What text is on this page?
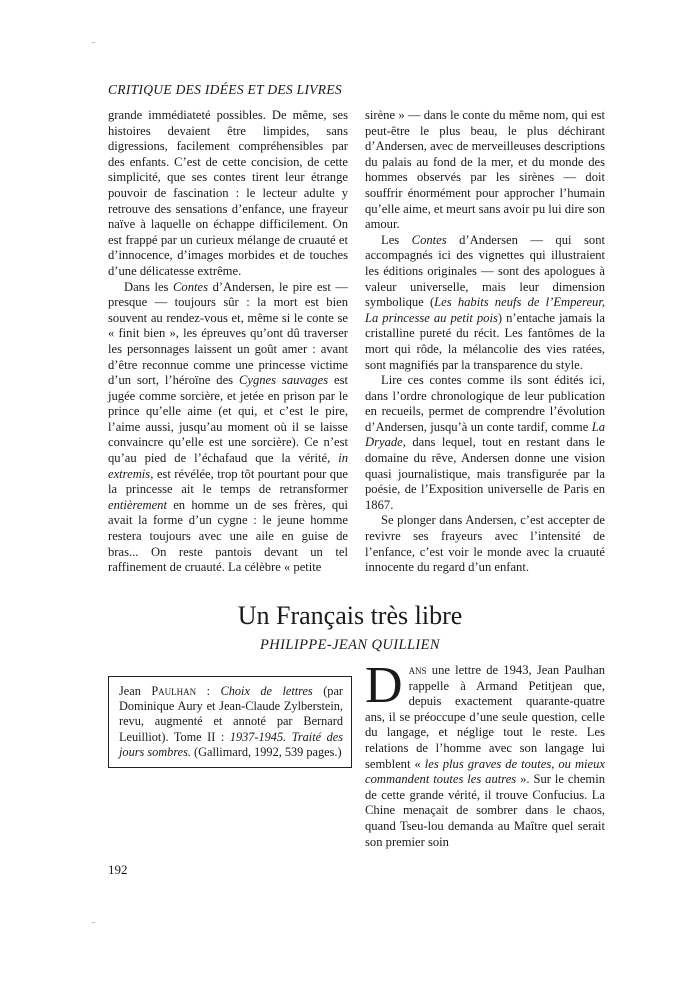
CRITIQUE DES IDÉES ET DES LIVRES

grande immédiateté possibles. De même, ses histoires devaient être limpides, sans digressions, facilement compréhensibles par des enfants. C’est de cette concision, de cette simplicité, que ses contes tirent leur étrange pouvoir de fascination : le lecteur adulte y retrouve des sensations d’enfance, une frayeur naïve à laquelle on échappe difficilement. On est frappé par un curieux mélange de cruauté et d’innocence, d’images morbides et de touches d’une délicatesse extrême.

Dans les Contes d’Andersen, le pire est — presque — toujours sûr : la mort est bien souvent au rendez-vous et, même si le conte se « finit bien », les épreuves qu’ont dû traverser les personnages laissent un goût amer : avant d’être reconnue comme une princesse victime d’un sort, l’héroïne des Cygnes sauvages est jugée comme sorcière, et jetée en prison par le prince qu’elle aime (et qui, et c’est le pire, l’aime aussi, jusqu’au moment où il se laisse convaincre qu’elle est une sorcière). Ce n’est qu’au pied de l’échafaud que la vérité, in extremis, est révélée, trop tôt pourtant pour que la princesse ait le temps de retransformer entièrement en homme un de ses frères, qui avait la forme d’un cygne : le jeune homme restera toujours avec une aile en guise de bras... On reste pantois devant un tel raffinement de cruauté. La célèbre « petite

sirène » — dans le conte du même nom, qui est peut-être le plus beau, le plus déchirant d’Andersen, avec de merveilleuses descriptions du palais au fond de la mer, et du monde des hommes observés par les sirènes — doit souffrir énormément pour approcher l’humain qu’elle aime, et meurt sans avoir pu lui dire son amour.

Les Contes d’Andersen — qui sont accompagnés ici des vignettes qui illustraient les éditions originales — sont des apologues à valeur universelle, mais leur dimension symbolique (Les habits neufs de l’Empereur, La princesse au petit pois) n’entache jamais la cristalline pureté du récit. Les fantômes de la mort qui rôde, la mélancolie des vies ratées, sont magnifiés par la transparence du style.

Lire ces contes comme ils sont édités ici, dans l’ordre chronologique de leur publication en recueils, permet de comprendre l’évolution d’Andersen, jusqu’à un conte tardif, comme La Dryade, dans lequel, tout en restant dans le domaine du rêve, Andersen donne une vision quasi journalistique, mais transfigurée par la poésie, de l’Exposition universelle de Paris en 1867.

Se plonger dans Andersen, c’est accepter de revivre ses frayeurs avec l’intensité de l’enfance, c’est voir le monde avec la cruauté innocente du regard d’un enfant.

Un Français très libre
PHILIPPE-JEAN QUILLIEN
Jean Paulhan : Choix de lettres (par Dominique Aury et Jean-Claude Zylberstein, revu, augmenté et annoté par Bernard Leuilliot). Tome II : 1937-1945. Traité des jours sombres. (Gallimard, 1992, 539 pages.)

Dans une lettre de 1943, Jean Paulhan rappelle à Armand Petitjean que, depuis exactement quarante-quatre ans, il se préoccupe d’une seule question, celle du langage, et néglige tout le reste. Les relations de l’homme avec son langage lui semblent « les plus graves de toutes, ou mieux commandent toutes les autres ». Sur le chemin de cette grande vérité, il trouve Confucius. La Chine menaçait de sombrer dans le chaos, quand Tseu-lou demanda au Maître quel serait son premier soin

192
